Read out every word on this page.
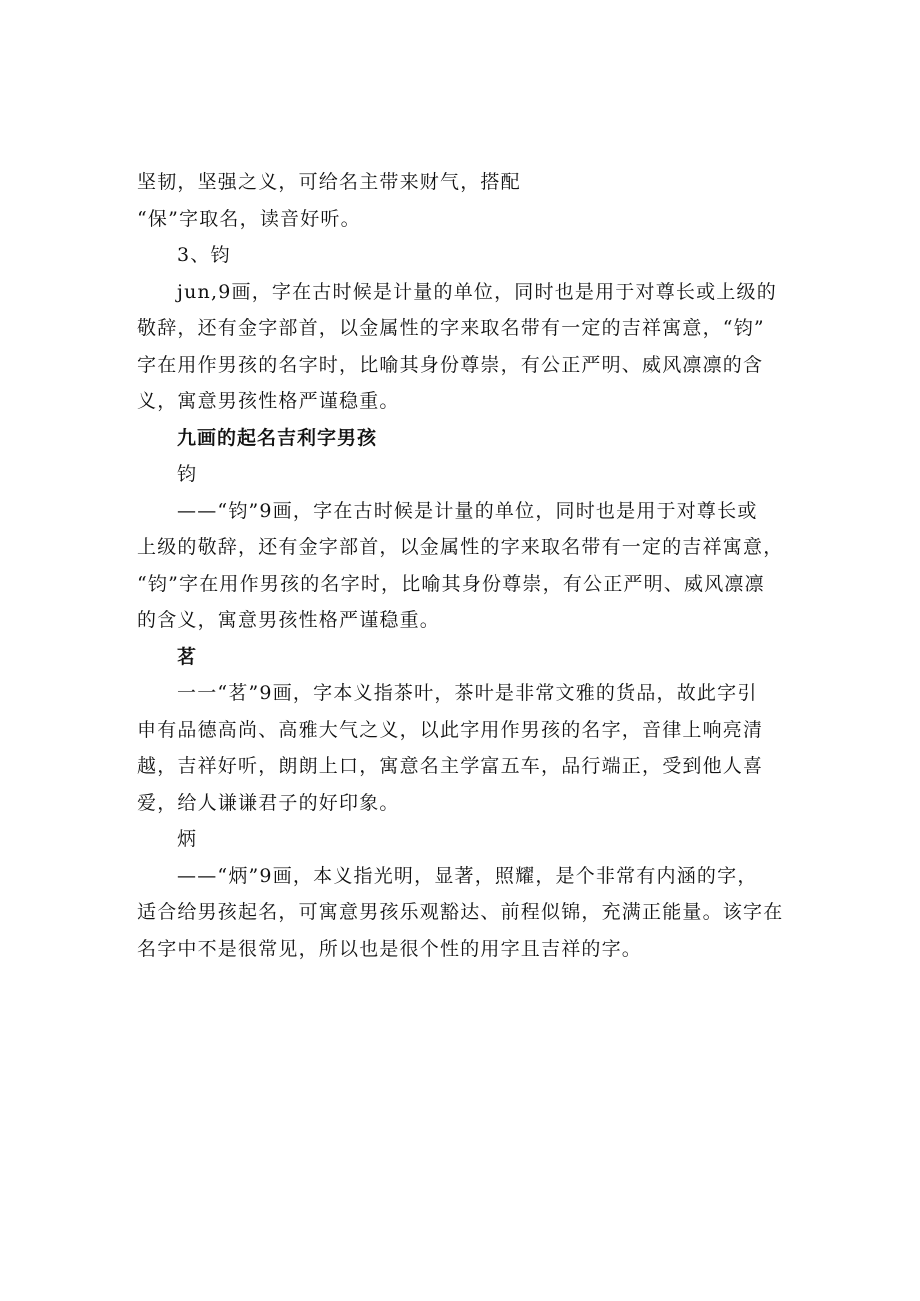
坚韧，坚强之义，可给名主带来财气，搭配
“保”字取名，读音好听。
3、钧
jun,9画，字在古时候是计量的单位，同时也是用于对尊长或上级的
敬辞，还有金字部首，以金属性的字来取名带有一定的吉祥寓意，“钧”
字在用作男孩的名字时，比喻其身份尊崇，有公正严明、威风凛凛的含
义，寓意男孩性格严谨稳重。
九画的起名吉利字男孩
钧
——“钧”9画，字在古时候是计量的单位，同时也是用于对尊长或
上级的敬辞，还有金字部首，以金属性的字来取名带有一定的吉祥寓意，
“钧”字在用作男孩的名字时，比喻其身份尊崇，有公正严明、威风凛凛
的含义，寓意男孩性格严谨稳重。
茗
一一“茗”9画，字本义指茶叶，茶叶是非常文雅的货品，故此字引
申有品德高尚、高雅大气之义，以此字用作男孩的名字，音律上响亮清
越，吉祥好听，朗朗上口，寓意名主学富五车，品行端正，受到他人喜
爱，给人谦谦君子的好印象。
炳
——“炳”9画，本义指光明，显著，照耀，是个非常有内涵的字，
适合给男孩起名，可寓意男孩乐观豁达、前程似锦，充满正能量。该字在
名字中不是很常见，所以也是很个性的用字且吉祥的字。
